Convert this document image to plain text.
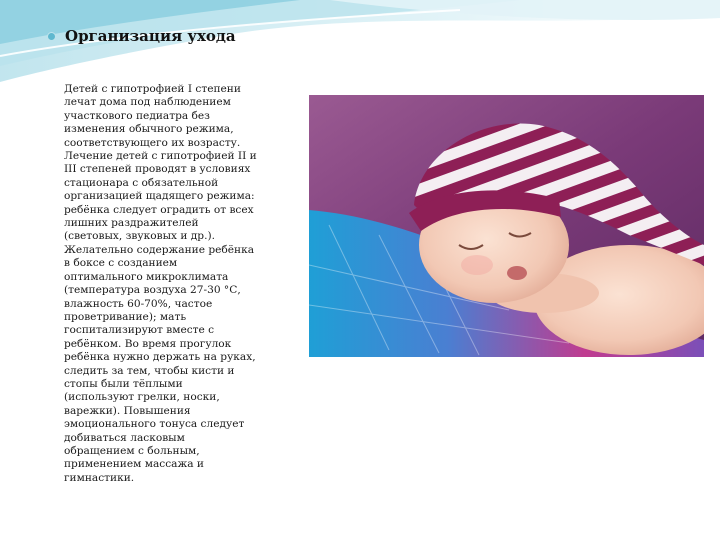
Организация ухода
Детей с гипотрофией I степени
лечат дома под наблюдением
участкового педиатра без
изменения обычного режима,
соответствующего их возрасту.
Лечение детей с гипотрофией II и
III степеней проводят в условиях
стационара с обязательной
организацией щадящего режима:
ребёнка следует оградить от всех
лишних раздражителей
(световых, звуковых и др.).
Желательно содержание ребёнка
в боксе с созданием
оптимального микроклимата
(температура воздуха 27-30 °С,
влажность 60-70%, частое
проветривание); мать
госпитализируют вместе с
ребёнком. Во время прогулок
ребёнка нужно держать на руках,
следить за тем, чтобы кисти и
стопы были тёплыми
(используют грелки, носки,
варежки). Повышения
эмоционального тонуса следует
добиваться ласковым
обращением с больным,
применением массажа и
гимнастики.
